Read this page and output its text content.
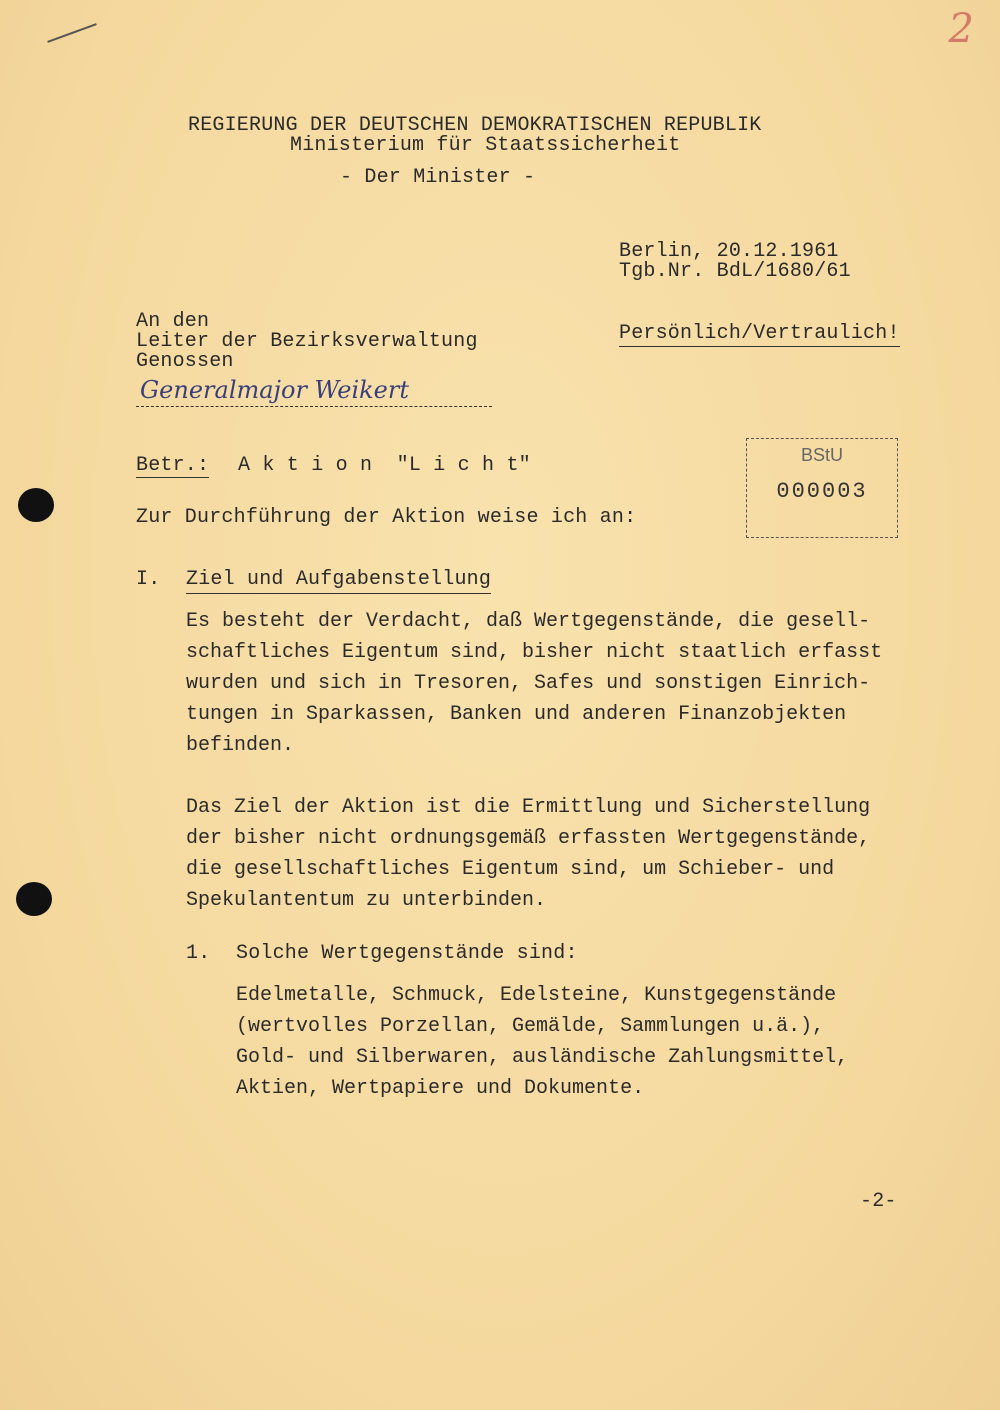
2
REGIERUNG DER DEUTSCHEN DEMOKRATISCHEN REPUBLIK
Ministerium für Staatssicherheit
- Der Minister -
Berlin, 20.12.1961
Tgb.Nr. BdL/1680/61
An den
Leiter der Bezirksverwaltung
Genossen
Generalmajor Weikert
Persönlich/Vertraulich!
BStU
000003
Betr.: A k t i o n  "L i c h t"
Zur Durchführung der Aktion weise ich an:
I. Ziel und Aufgabenstellung
Es besteht der Verdacht, daß Wertgegenstände, die gesell-
schaftliches Eigentum sind, bisher nicht staatlich erfasst
wurden und sich in Tresoren, Safes und sonstigen Einrich-
tungen in Sparkassen, Banken und anderen Finanzobjekten
befinden.
Das Ziel der Aktion ist die Ermittlung und Sicherstellung
der bisher nicht ordnungsgemäß erfassten Wertgegenstände,
die gesellschaftliches Eigentum sind, um Schieber- und
Spekulantentum zu unterbinden.
1. Solche Wertgegenstände sind:
Edelmetalle, Schmuck, Edelsteine, Kunstgegenstände
(wertvolles Porzellan, Gemälde, Sammlungen u.ä.),
Gold- und Silberwaren, ausländische Zahlungsmittel,
Aktien, Wertpapiere und Dokumente.
-2-
